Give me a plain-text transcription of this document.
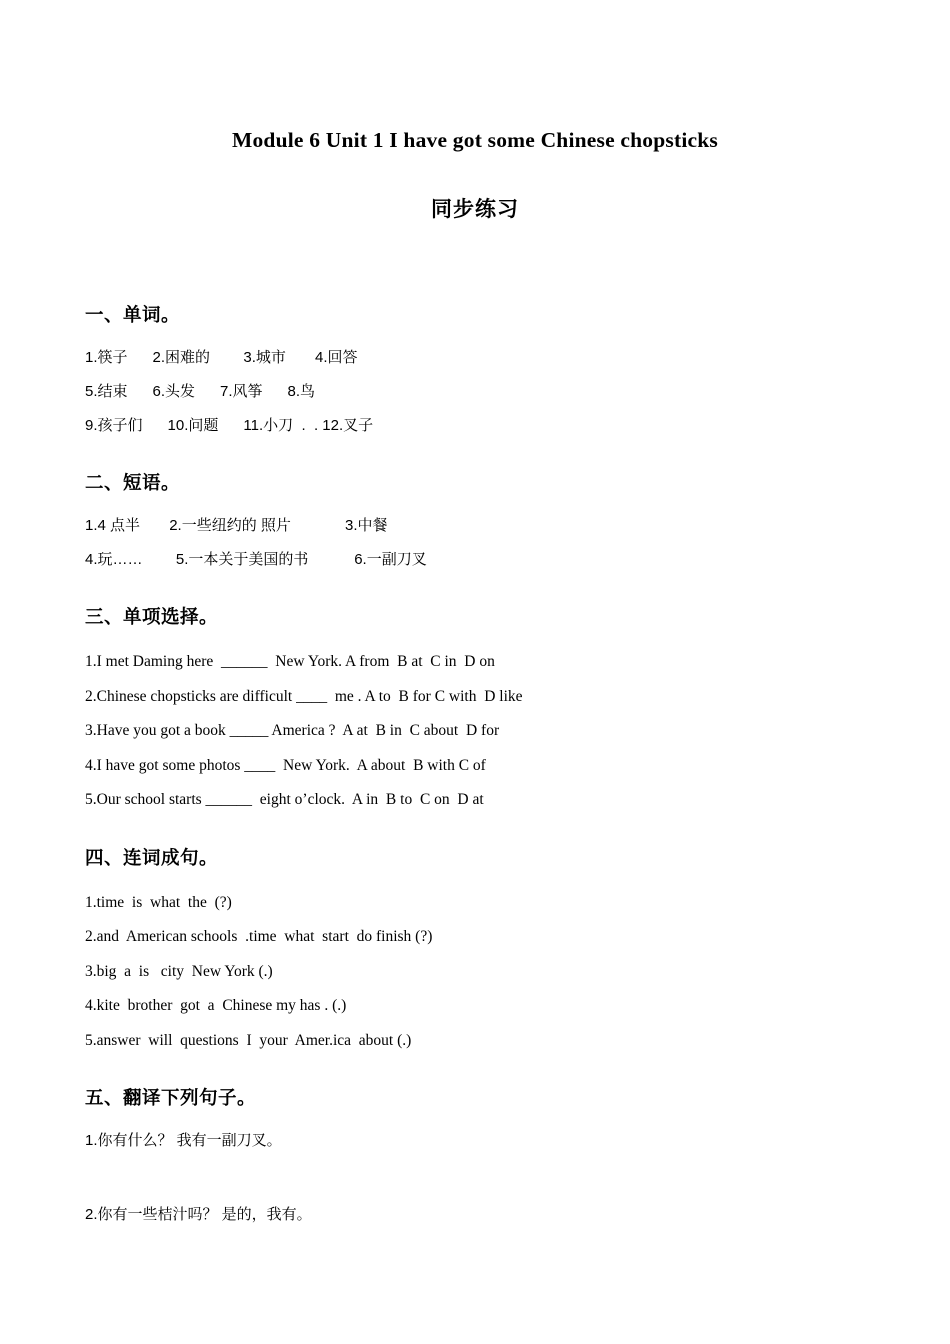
Module 6 Unit 1 I have got some Chinese chopsticks
同步练习
一、单词。
1.筷子      2.困难的        3.城市       4.回答
5.结束      6.头发      7.风筝      8.鸟
9.孩子们      10.问题      11.小刀  .  . 12.叉子
二、短语。
1.4 点半       2.一些纽约的 照片             3.中餐
4.玩……        5.一本关于美国的书           6.一副刀叉
三、单项选择。
1.I met Daming here  ______  New York. A from  B at  C in  D on
2.Chinese chopsticks are difficult ____  me . A to  B for C with  D like
3.Have you got a book _____ America ?  A at  B in  C about  D for
4.I have got some photos ____  New York.  A about  B with C of
5.Our school starts ______  eight o’clock.  A in  B to  C on  D at
四、连词成句。
1.time  is  what  the  (?)
2.and  American schools  .time  what  start  do finish (?)
3.big  a  is   city  New York (.)
4.kite  brother  got  a  Chinese my has . (.)
5.answer  will  questions  I  your  Amer.ica  about (.)
五、翻译下列句子。
1.你有什么？ 我有一副刀叉。
2.你有一些桔汁吗？ 是的，我有。
